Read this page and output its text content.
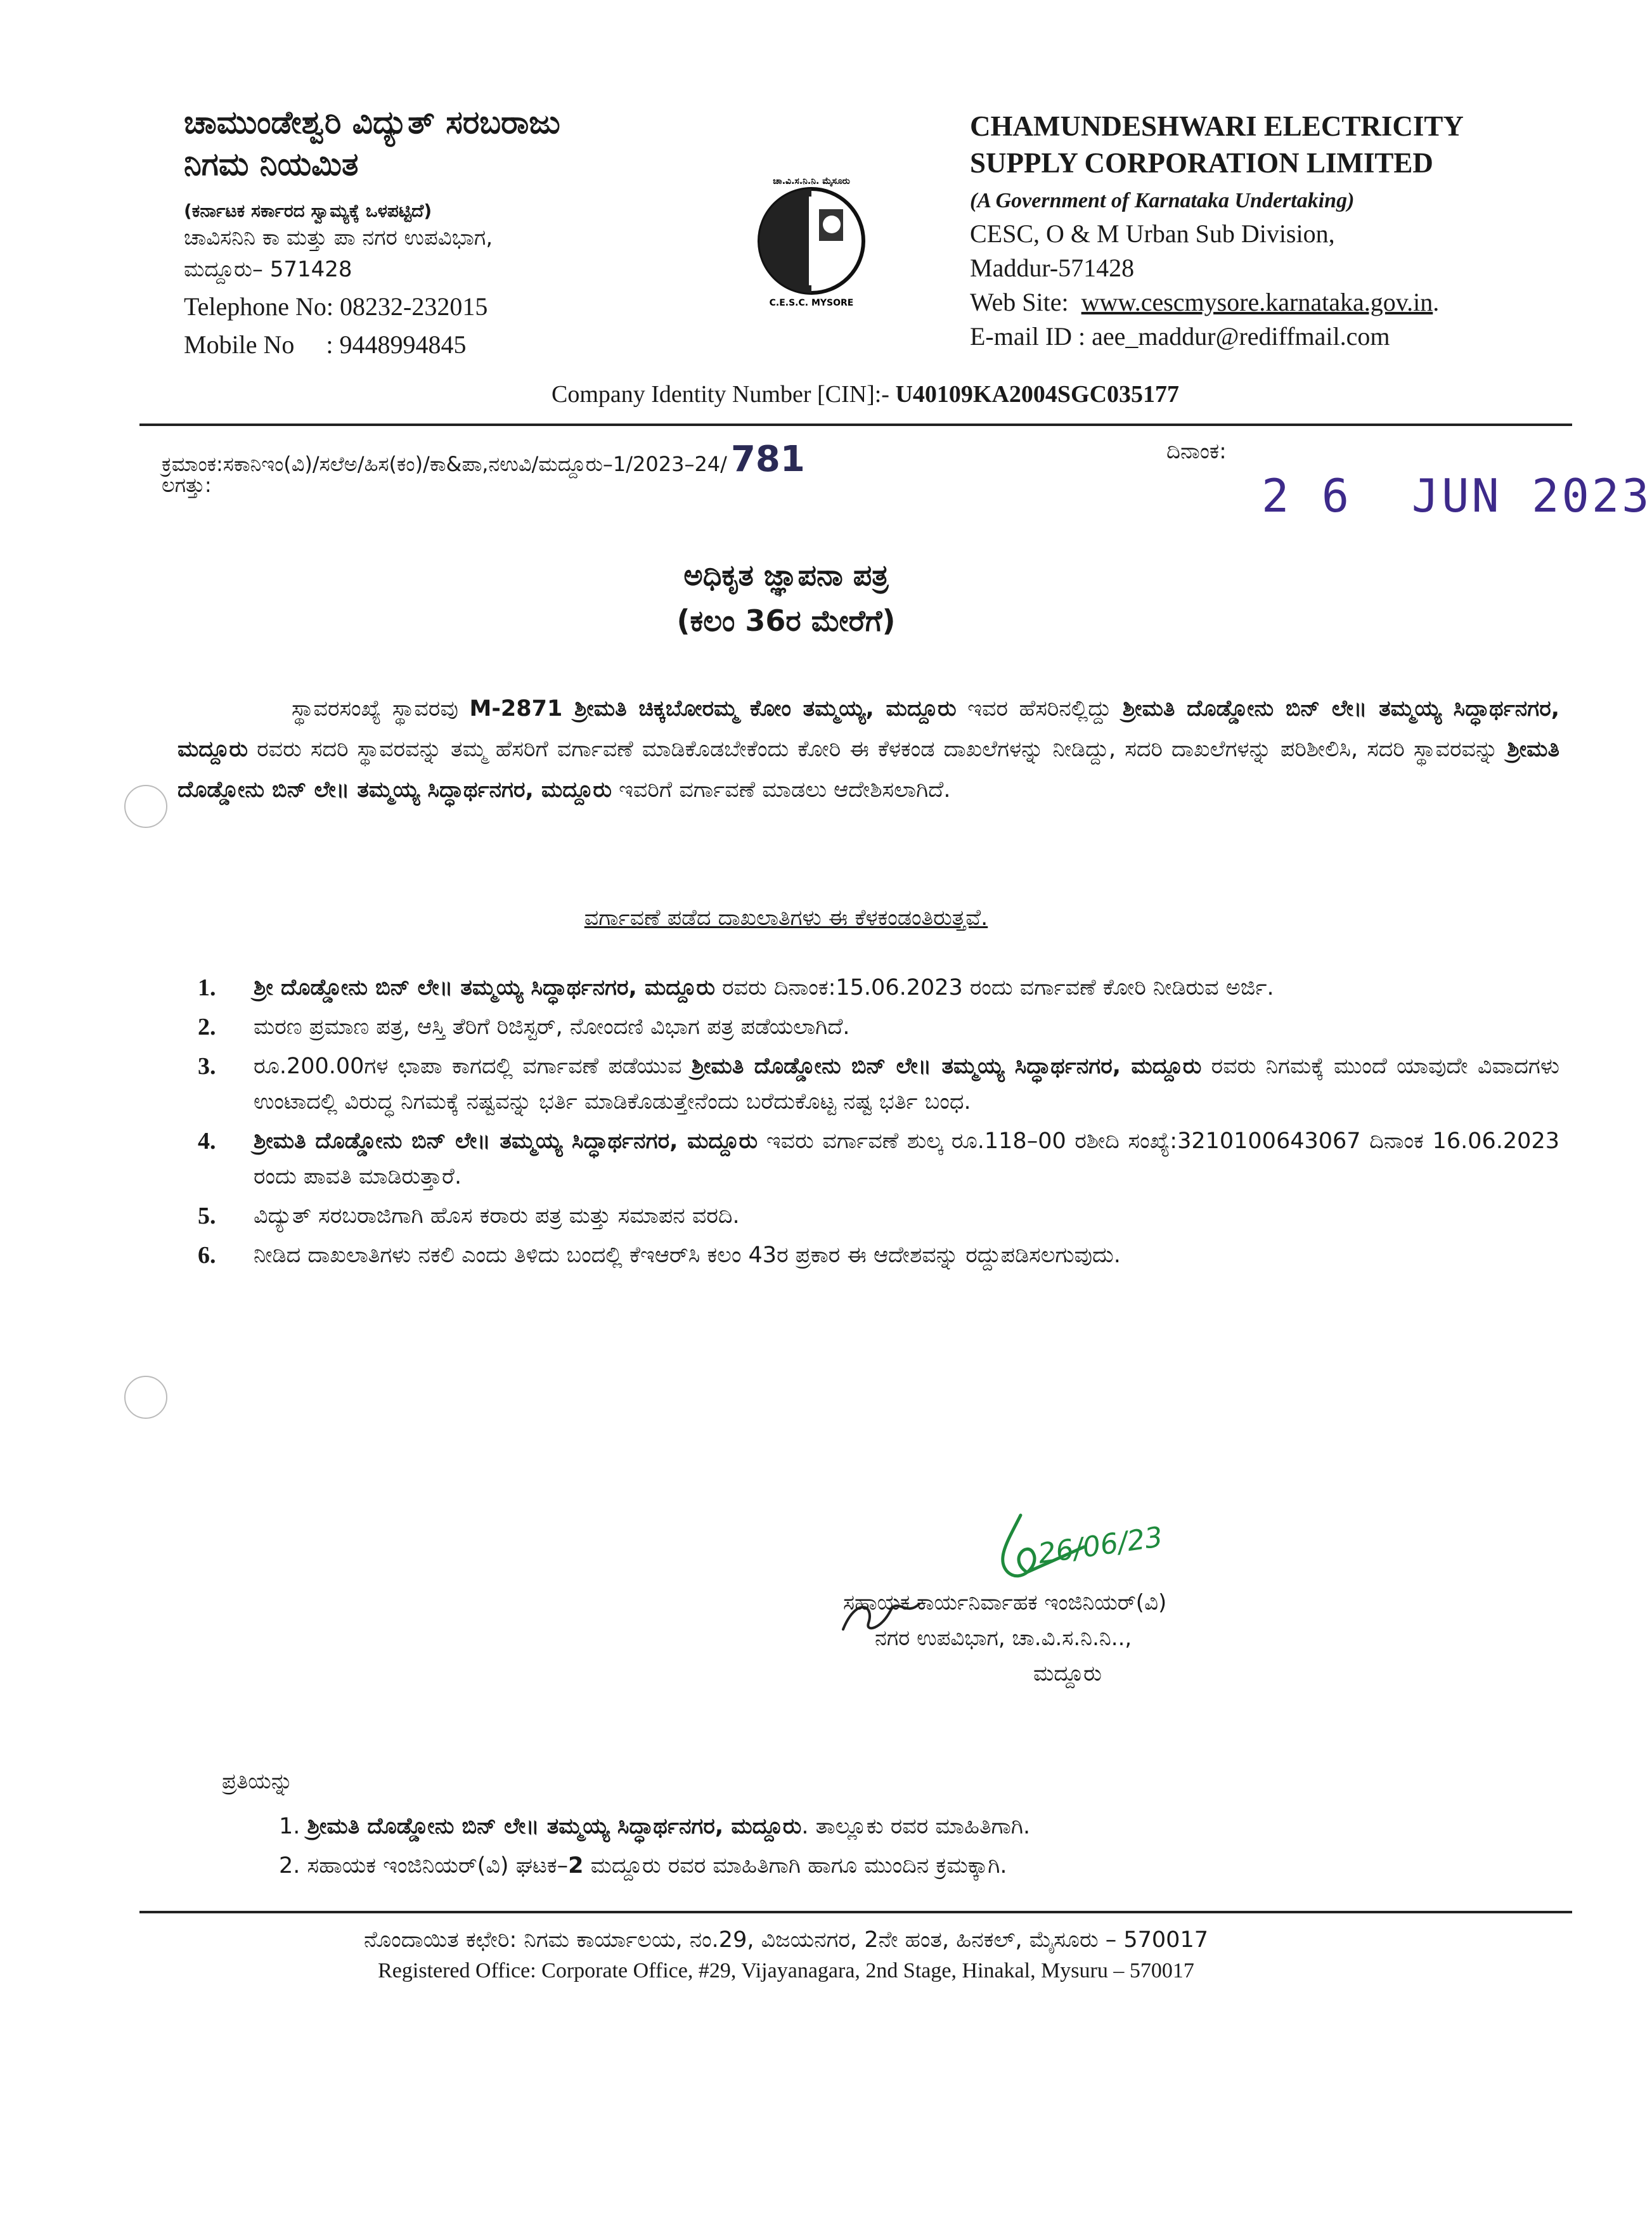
ಚಾಮುಂಡೇಶ್ವರಿ ವಿದ್ಯುತ್ ಸರಬರಾಜು
ನಿಗಮ ನಿಯಮಿತ
(ಕರ್ನಾಟಕ ಸರ್ಕಾರದ ಸ್ವಾಮ್ಯಕ್ಕೆ ಒಳಪಟ್ಟಿದೆ)
ಚಾವಿಸನಿನಿ ಕಾ ಮತ್ತು ಪಾ ನಗರ ಉಪವಿಭಾಗ,
ಮದ್ದೂರು– 571428
Telephone No: 08232-232015
Mobile No     : 9448994845
ಚಾ.ವಿ.ಸ.ನಿ.ನಿ. ಮೈಸೂರು
C.E.S.C. MYSORE
CHAMUNDESHWARI ELECTRICITY
SUPPLY CORPORATION LIMITED
(A Government of Karnataka Undertaking)
CESC, O & M Urban Sub Division,
Maddur-571428
Web Site:  www.cescmysore.karnataka.gov.in.
E-mail ID : aee_maddur@rediffmail.com
Company Identity Number [CIN]:- U40109KA2004SGC035177
ಕ್ರಮಾಂಕ:ಸಕಾನಿಇಂ(ವಿ)/ಸಲೆಅ/ಹಿಸ(ಕಂ)/ಕಾ&ಪಾ,ನಉವಿ/ಮದ್ದೂರು–1/2023–24/ 781
ಲಗತ್ತು:
ದಿನಾಂಕ:
2 6  JUN 2023
ಅಧಿಕೃತ ಜ್ಞಾಪನಾ ಪತ್ರ
(ಕಲಂ 36ರ ಮೇರೆಗೆ)
ಸ್ಥಾವರಸಂಖ್ಯೆ ಸ್ಥಾವರವು M-2871 ಶ್ರೀಮತಿ ಚಿಕ್ಕಬೋರಮ್ಮ ಕೋಂ ತಮ್ಮಯ್ಯ, ಮದ್ದೂರು ಇವರ ಹೆಸರಿನಲ್ಲಿದ್ದು ಶ್ರೀಮತಿ ದೊಡ್ಡೋನು ಬಿನ್ ಲೇ॥ ತಮ್ಮಯ್ಯ ಸಿದ್ಧಾರ್ಥನಗರ, ಮದ್ದೂರು ರವರು ಸದರಿ ಸ್ಥಾವರವನ್ನು ತಮ್ಮ ಹೆಸರಿಗೆ ವರ್ಗಾವಣೆ ಮಾಡಿಕೊಡಬೇಕೆಂದು ಕೋರಿ ಈ ಕೆಳಕಂಡ ದಾಖಲೆಗಳನ್ನು ನೀಡಿದ್ದು, ಸದರಿ ದಾಖಲೆಗಳನ್ನು ಪರಿಶೀಲಿಸಿ, ಸದರಿ ಸ್ಥಾವರವನ್ನು ಶ್ರೀಮತಿ ದೊಡ್ಡೋನು ಬಿನ್ ಲೇ॥ ತಮ್ಮಯ್ಯ ಸಿದ್ಧಾರ್ಥನಗರ, ಮದ್ದೂರು ಇವರಿಗೆ ವರ್ಗಾವಣೆ ಮಾಡಲು ಆದೇಶಿಸಲಾಗಿದೆ.
ವರ್ಗಾವಣೆ ಪಡೆದ ದಾಖಲಾತಿಗಳು ಈ ಕೆಳಕಂಡಂತಿರುತ್ತವೆ.
1. ಶ್ರೀ ದೊಡ್ಡೋನು ಬಿನ್ ಲೇ॥ ತಮ್ಮಯ್ಯ ಸಿದ್ಧಾರ್ಥನಗರ, ಮದ್ದೂರು ರವರು ದಿನಾಂಕ:15.06.2023 ರಂದು ವರ್ಗಾವಣೆ ಕೋರಿ ನೀಡಿರುವ ಅರ್ಜಿ.
2. ಮರಣ ಪ್ರಮಾಣ ಪತ್ರ, ಆಸ್ತಿ ತೆರಿಗೆ ರಿಜಿಸ್ಟರ್, ನೋಂದಣಿ ವಿಭಾಗ ಪತ್ರ ಪಡೆಯಲಾಗಿದೆ.
3. ರೂ.200.00ಗಳ ಛಾಪಾ ಕಾಗದಲ್ಲಿ ವರ್ಗಾವಣೆ ಪಡೆಯುವ ಶ್ರೀಮತಿ ದೊಡ್ಡೋನು ಬಿನ್ ಲೇ॥ ತಮ್ಮಯ್ಯ ಸಿದ್ಧಾರ್ಥನಗರ, ಮದ್ದೂರು ರವರು ನಿಗಮಕ್ಕೆ ಮುಂದೆ ಯಾವುದೇ ವಿವಾದಗಳು ಉಂಟಾದಲ್ಲಿ ವಿರುದ್ಧ ನಿಗಮಕ್ಕೆ ನಷ್ಟವನ್ನು ಭರ್ತಿ ಮಾಡಿಕೊಡುತ್ತೇನೆಂದು ಬರೆದುಕೊಟ್ಟ ನಷ್ಟ ಭರ್ತಿ ಬಂಧ.
4. ಶ್ರೀಮತಿ ದೊಡ್ಡೋನು ಬಿನ್ ಲೇ॥ ತಮ್ಮಯ್ಯ ಸಿದ್ಧಾರ್ಥನಗರ, ಮದ್ದೂರು ಇವರು ವರ್ಗಾವಣೆ ಶುಲ್ಕ ರೂ.118–00 ರಶೀದಿ ಸಂಖ್ಯೆ:3210100643067 ದಿನಾಂಕ 16.06.2023 ರಂದು ಪಾವತಿ ಮಾಡಿರುತ್ತಾರೆ.
5. ವಿದ್ಯುತ್ ಸರಬರಾಜಿಗಾಗಿ ಹೊಸ ಕರಾರು ಪತ್ರ ಮತ್ತು ಸಮಾಪನ ವರದಿ.
6. ನೀಡಿದ ದಾಖಲಾತಿಗಳು ನಕಲಿ ಎಂದು ತಿಳಿದು ಬಂದಲ್ಲಿ ಕೆಇಆರ್‌ಸಿ ಕಲಂ 43ರ ಪ್ರಕಾರ ಈ ಆದೇಶವನ್ನು ರದ್ದುಪಡಿಸಲಗುವುದು.
26/06/23
ಸಹಾಯಕ ಕಾರ್ಯನಿರ್ವಾಹಕ ಇಂಜಿನಿಯರ್(ವಿ)
ನಗರ ಉಪವಿಭಾಗ, ಚಾ.ವಿ.ಸ.ನಿ.ನಿ..,
ಮದ್ದೂರು
ಪ್ರತಿಯನ್ನು
1. ಶ್ರೀಮತಿ ದೊಡ್ಡೋನು ಬಿನ್ ಲೇ॥ ತಮ್ಮಯ್ಯ ಸಿದ್ಧಾರ್ಥನಗರ, ಮದ್ದೂರು. ತಾಲ್ಲೂಕು ರವರ ಮಾಹಿತಿಗಾಗಿ.
2. ಸಹಾಯಕ ಇಂಜಿನಿಯರ್(ವಿ) ಘಟಕ–2 ಮದ್ದೂರು ರವರ ಮಾಹಿತಿಗಾಗಿ ಹಾಗೂ ಮುಂದಿನ ಕ್ರಮಕ್ಕಾಗಿ.
ನೊಂದಾಯಿತ ಕಛೇರಿ: ನಿಗಮ ಕಾರ್ಯಾಲಯ, ನಂ.29, ವಿಜಯನಗರ, 2ನೇ ಹಂತ, ಹಿನಕಲ್, ಮೈಸೂರು – 570017
Registered Office: Corporate Office, #29, Vijayanagara, 2nd Stage, Hinakal, Mysuru – 570017
